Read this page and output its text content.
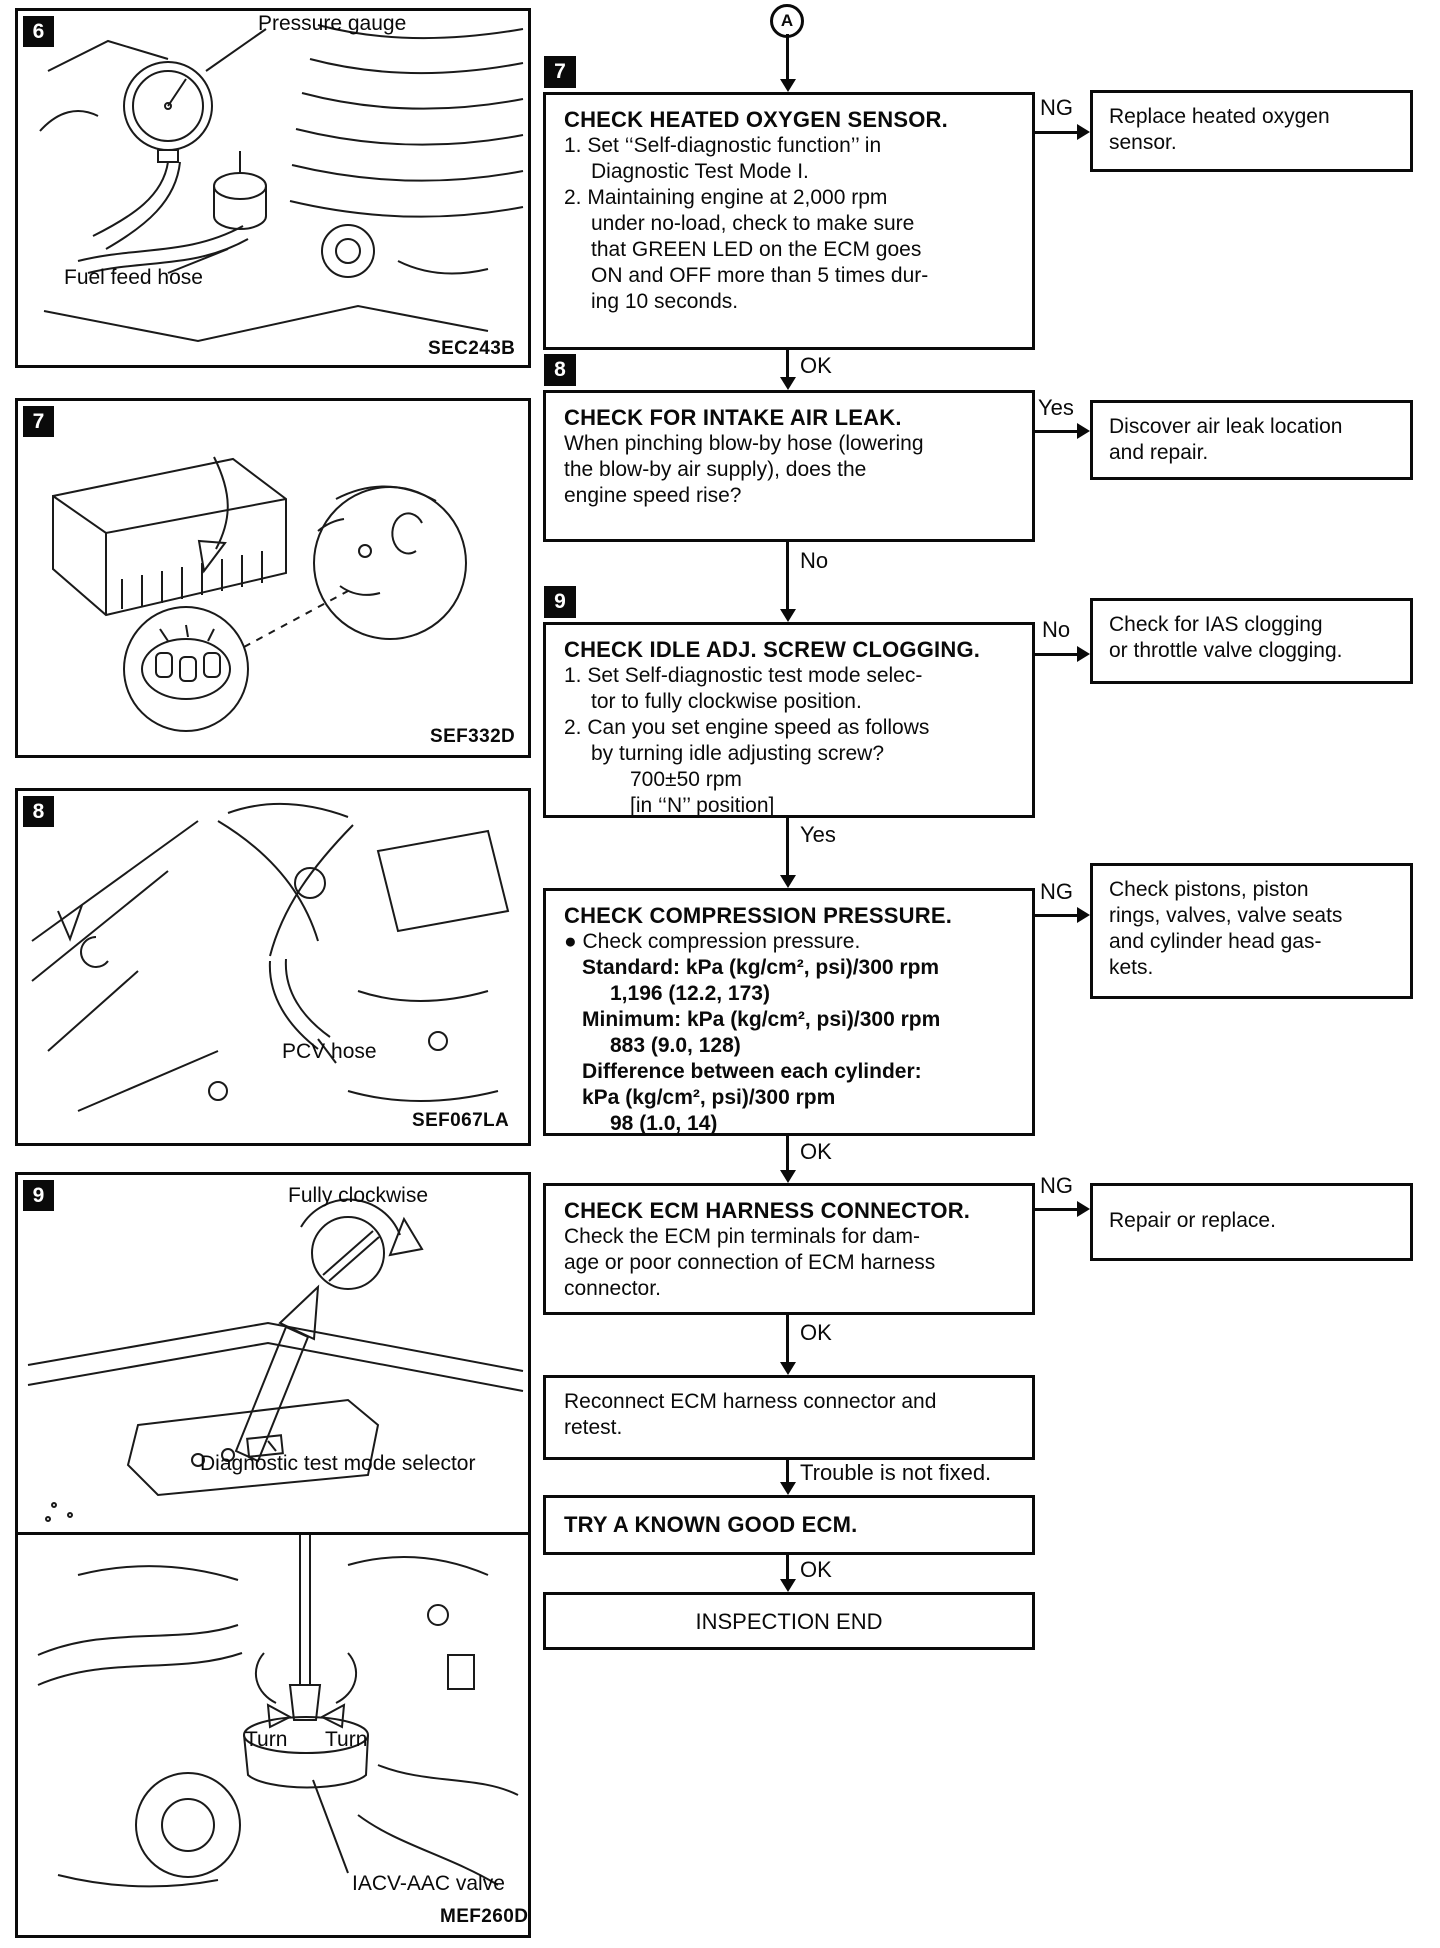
6	Pressure gauge
Fuel feed hose
SEC243B
7
SEF332D
8
PCV hose
SEF067LA
9	Fully clockwise
Diagnostic test mode selector
Turn Turn
IACV-AAC valve
MEF260D
A
7
CHECK HEATED OXYGEN SENSOR.
1. Set ‘‘Self-diagnostic function’’ in
Diagnostic Test Mode I.
2. Maintaining engine at 2,000 rpm
under no-load, check to make sure
that GREEN LED on the ECM goes
ON and OFF more than 5 times dur-
ing 10 seconds.
NG Replace heated oxygen
sensor.
OK
8
CHECK FOR INTAKE AIR LEAK.
When pinching blow-by hose (lowering
the blow-by air supply), does the
engine speed rise?
Yes
Discover air leak location
and repair.
No
9
CHECK IDLE ADJ. SCREW CLOGGING.
1. Set Self-diagnostic test mode selec-
tor to fully clockwise position.
2. Can you set engine speed as follows
by turning idle adjusting screw?
700±50 rpm
[in ‘‘N’’ position]
No Check for IAS clogging
or throttle valve clogging.
Yes
CHECK COMPRESSION PRESSURE.
● Check compression pressure.
Standard: kPa (kg/cm², psi)/300 rpm
1,196 (12.2, 173)
Minimum: kPa (kg/cm², psi)/300 rpm
883 (9.0, 128)
Difference between each cylinder:
kPa (kg/cm², psi)/300 rpm
98 (1.0, 14)
NG Check pistons, piston
rings, valves, valve seats
and cylinder head gas-
kets.
OK
CHECK ECM HARNESS CONNECTOR.
Check the ECM pin terminals for dam-
age or poor connection of ECM harness
connector.
NG
Repair or replace.
OK
Reconnect ECM harness connector and
retest.
Trouble is not fixed.
TRY A KNOWN GOOD ECM.
OK
INSPECTION END
